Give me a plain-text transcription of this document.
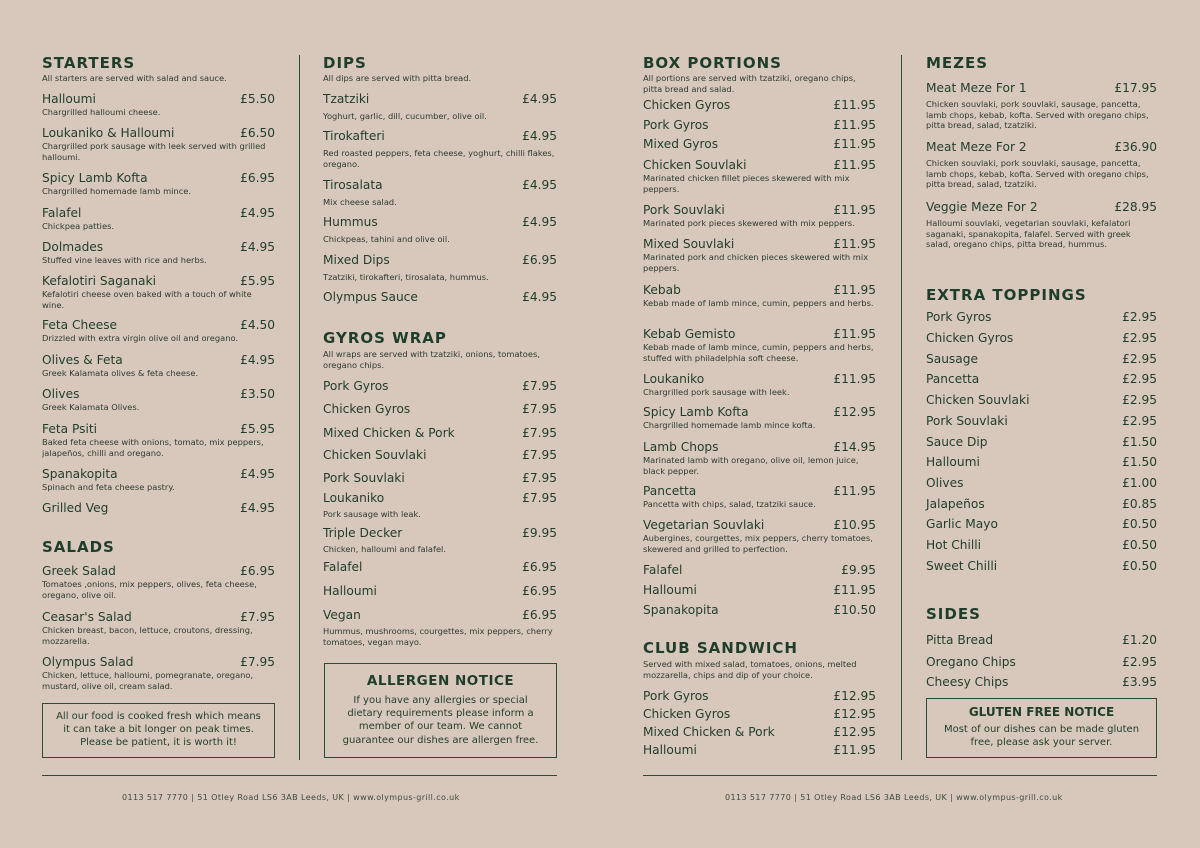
STARTERS
All starters are served with salad and sauce.
Halloumi	£5.50
Chargrilled halloumi cheese.
Loukaniko & Halloumi	£6.50
Chargrilled pork sausage with leek served with grilled halloumi.
Spicy Lamb Kofta	£6.95
Chargrilled homemade lamb mince.
Falafel	£4.95
Chickpea patties.
Dolmades	£4.95
Stuffed vine leaves with rice and herbs.
Kefalotiri Saganaki	£5.95
Kefalotiri cheese oven baked with a touch of white wine.
Feta Cheese	£4.50
Drizzled with extra virgin olive oil and oregano.
Olives & Feta	£4.95
Greek Kalamata olives & feta cheese.
Olives	£3.50
Greek Kalamata Olives.
Feta Psiti	£5.95
Baked feta cheese with onions, tomato, mix peppers, jalapeños, chilli and oregano.
Spanakopita	£4.95
Spinach and feta cheese pastry.
Grilled Veg	£4.95
SALADS
Greek Salad	£6.95
Tomatoes ,onions, mix peppers, olives, feta cheese, oregano, olive oil.
Ceasar's Salad	£7.95
Chicken breast, bacon, lettuce, croutons, dressing, mozzarella.
Olympus Salad	£7.95
Chicken, lettuce, halloumi, pomegranate, oregano, mustard, olive oil, cream salad.
All our food is cooked fresh which means it can take a bit longer on peak times. Please be patient, it is worth it!
DIPS
All dips are served with pitta bread.
Tzatziki	£4.95
Yoghurt, garlic, dill, cucumber, olive oil.
Tirokafteri	£4.95
Red roasted peppers, feta cheese, yoghurt, chilli flakes, oregano.
Tirosalata	£4.95
Mix cheese salad.
Hummus	£4.95
Chickpeas, tahini and olive oil.
Mixed Dips	£6.95
Tzatziki, tirokafteri, tirosalata, hummus.
Olympus Sauce	£4.95
GYROS WRAP
All wraps are served with tzatziki, onions, tomatoes, oregano chips.
Pork Gyros	£7.95
Chicken Gyros	£7.95
Mixed Chicken & Pork	£7.95
Chicken Souvlaki	£7.95
Pork Souvlaki	£7.95
Loukaniko	£7.95
Pork sausage with leak.
Triple Decker	£9.95
Chicken, halloumi and falafel.
Falafel	£6.95
Halloumi	£6.95
Vegan	£6.95
Hummus, mushrooms, courgettes, mix peppers, cherry tomatoes, vegan mayo.
ALLERGEN NOTICE
If you have any allergies or special dietary requirements please inform a member of our team. We cannot guarantee our dishes are allergen free.
0113 517 7770 | 51 Otley Road LS6 3AB Leeds, UK | www.olympus-grill.co.uk
BOX PORTIONS
All portions are served with tzatziki, oregano chips, pitta bread and salad.
Chicken Gyros	£11.95
Pork Gyros	£11.95
Mixed Gyros	£11.95
Chicken Souvlaki	£11.95
Marinated chicken fillet pieces skewered with mix peppers.
Pork Souvlaki	£11.95
Marinated pork pieces skewered with mix peppers.
Mixed Souvlaki	£11.95
Marinated pork and chicken pieces skewered with mix peppers.
Kebab	£11.95
Kebab made of lamb mince, cumin, peppers and herbs.
Kebab Gemisto	£11.95
Kebab made of lamb mince, cumin, peppers and herbs, stuffed with philadelphia soft cheese.
Loukaniko	£11.95
Chargrilled pork sausage with leek.
Spicy Lamb Kofta	£12.95
Chargrilled homemade lamb mince kofta.
Lamb Chops	£14.95
Marinated lamb with oregano, olive oil, lemon juice, black pepper.
Pancetta	£11.95
Pancetta with chips, salad, tzatziki sauce.
Vegetarian Souvlaki	£10.95
Aubergines, courgettes, mix peppers, cherry tomatoes, skewered and grilled to perfection.
Falafel	£9.95
Halloumi	£11.95
Spanakopita	£10.50
CLUB SANDWICH
Served with mixed salad, tomatoes, onions, melted mozzarella, chips and dip of your choice.
Pork Gyros	£12.95
Chicken Gyros	£12.95
Mixed Chicken & Pork	£12.95
Halloumi	£11.95
MEZES
Meat Meze For 1	£17.95
Chicken souvlaki, pork souvlaki, sausage, pancetta, lamb chops, kebab, kofta. Served with oregano chips, pitta bread, salad, tzatziki.
Meat Meze For 2	£36.90
Chicken souvlaki, pork souvlaki, sausage, pancetta, lamb chops, kebab, kofta. Served with oregano chips, pitta bread, salad, tzatziki.
Veggie Meze For 2	£28.95
Halloumi souvlaki, vegetarian souvlaki, kefalatori saganaki, spanakopita, falafel. Served with greek salad, oregano chips, pitta bread, hummus.
EXTRA TOPPINGS
Pork Gyros	£2.95
Chicken Gyros	£2.95
Sausage	£2.95
Pancetta	£2.95
Chicken Souvlaki	£2.95
Pork Souvlaki	£2.95
Sauce Dip	£1.50
Halloumi	£1.50
Olives	£1.00
Jalapeños	£0.85
Garlic Mayo	£0.50
Hot Chilli	£0.50
Sweet Chilli	£0.50
SIDES
Pitta Bread	£1.20
Oregano Chips	£2.95
Cheesy Chips	£3.95
GLUTEN FREE NOTICE
Most of our dishes can be made gluten free, please ask your server.
0113 517 7770 | 51 Otley Road LS6 3AB Leeds, UK | www.olympus-grill.co.uk
